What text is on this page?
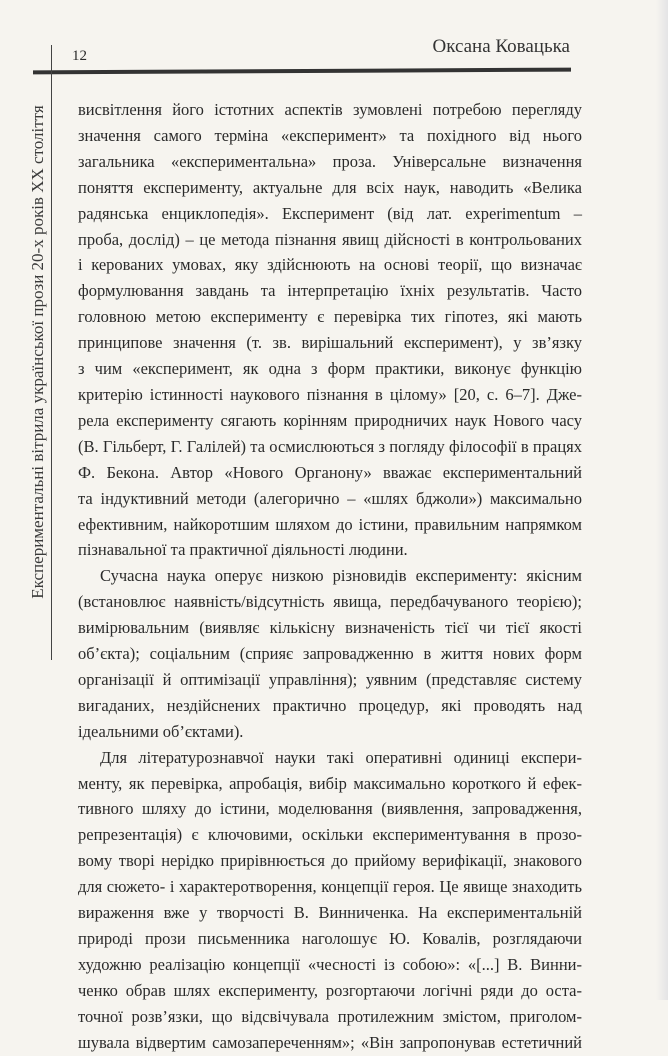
12	Оксана Ковацька
Експериментальні вітрила української прози 20-х років XX століття висвітлення його істотних аспектів зумовлені потребою перегляду
значення самого терміна «експеримент» та похідного від нього
загальника «експериментальна» проза. Універсальне визначення
поняття експерименту, актуальне для всіх наук, наводить «Велика
радянська енциклопедія». Експеримент (від лат. experimentum –
проба, дослід) – це метода пізнання явищ дійсності в контрольованих
і керованих умовах, яку здійснюють на основі теорії, що визначає
формулювання завдань та інтерпретацію їхніх результатів. Часто
головною метою експерименту є перевірка тих гіпотез, які мають
принципове значення (т. зв. вирішальний експеримент), у зв’язку
з чим «експеримент, як одна з форм практики, виконує функцію
критерію істинності наукового пізнання в цілому» [20, с. 6–7]. Дже-
рела експерименту сягають корінням природничих наук Нового часу
(В. Гільберт, Г. Галілей) та осмислюються з погляду філософії в працях
Ф. Бекона. Автор «Нового Органону» вважає експериментальний
та індуктивний методи (алегорично – «шлях бджоли») максимально
ефективним, найкоротшим шляхом до істини, правильним напрямком
пізнавальної та практичної діяльності людини.
Сучасна наука оперує низкою різновидів експерименту: якісним
(встановлює наявність/відсутність явища, передбачуваного теорією);
вимірювальним (виявляє кількісну визначеність тієї чи тієї якості
об’єкта); соціальним (сприяє запровадженню в життя нових форм
організації й оптимізації управління); уявним (представляє систему
вигаданих, нездійснених практично процедур, які проводять над
ідеальними об’єктами).
Для літературознавчої науки такі оперативні одиниці експери-
менту, як перевірка, апробація, вибір максимально короткого й ефек-
тивного шляху до істини, моделювання (виявлення, запровадження,
репрезентація) є ключовими, оскільки експериментування в прозо-
вому творі нерідко прирівнюється до прийому верифікації, знакового
для сюжето- і характеротворення, концепції героя. Це явище знаходить
вираження вже у творчості В. Винниченка. На експериментальній
природі прози письменника наголошує Ю. Ковалів, розглядаючи
художню реалізацію концепції «чесності із собою»: «[...] В. Винни-
ченко обрав шлях експерименту, розгортаючи логічні ряди до оста-
точної розв’язки, що відсвічувала протилежним змістом, приголом-
шувала відвертим самозапереченням»; «Він запропонував естетичний
